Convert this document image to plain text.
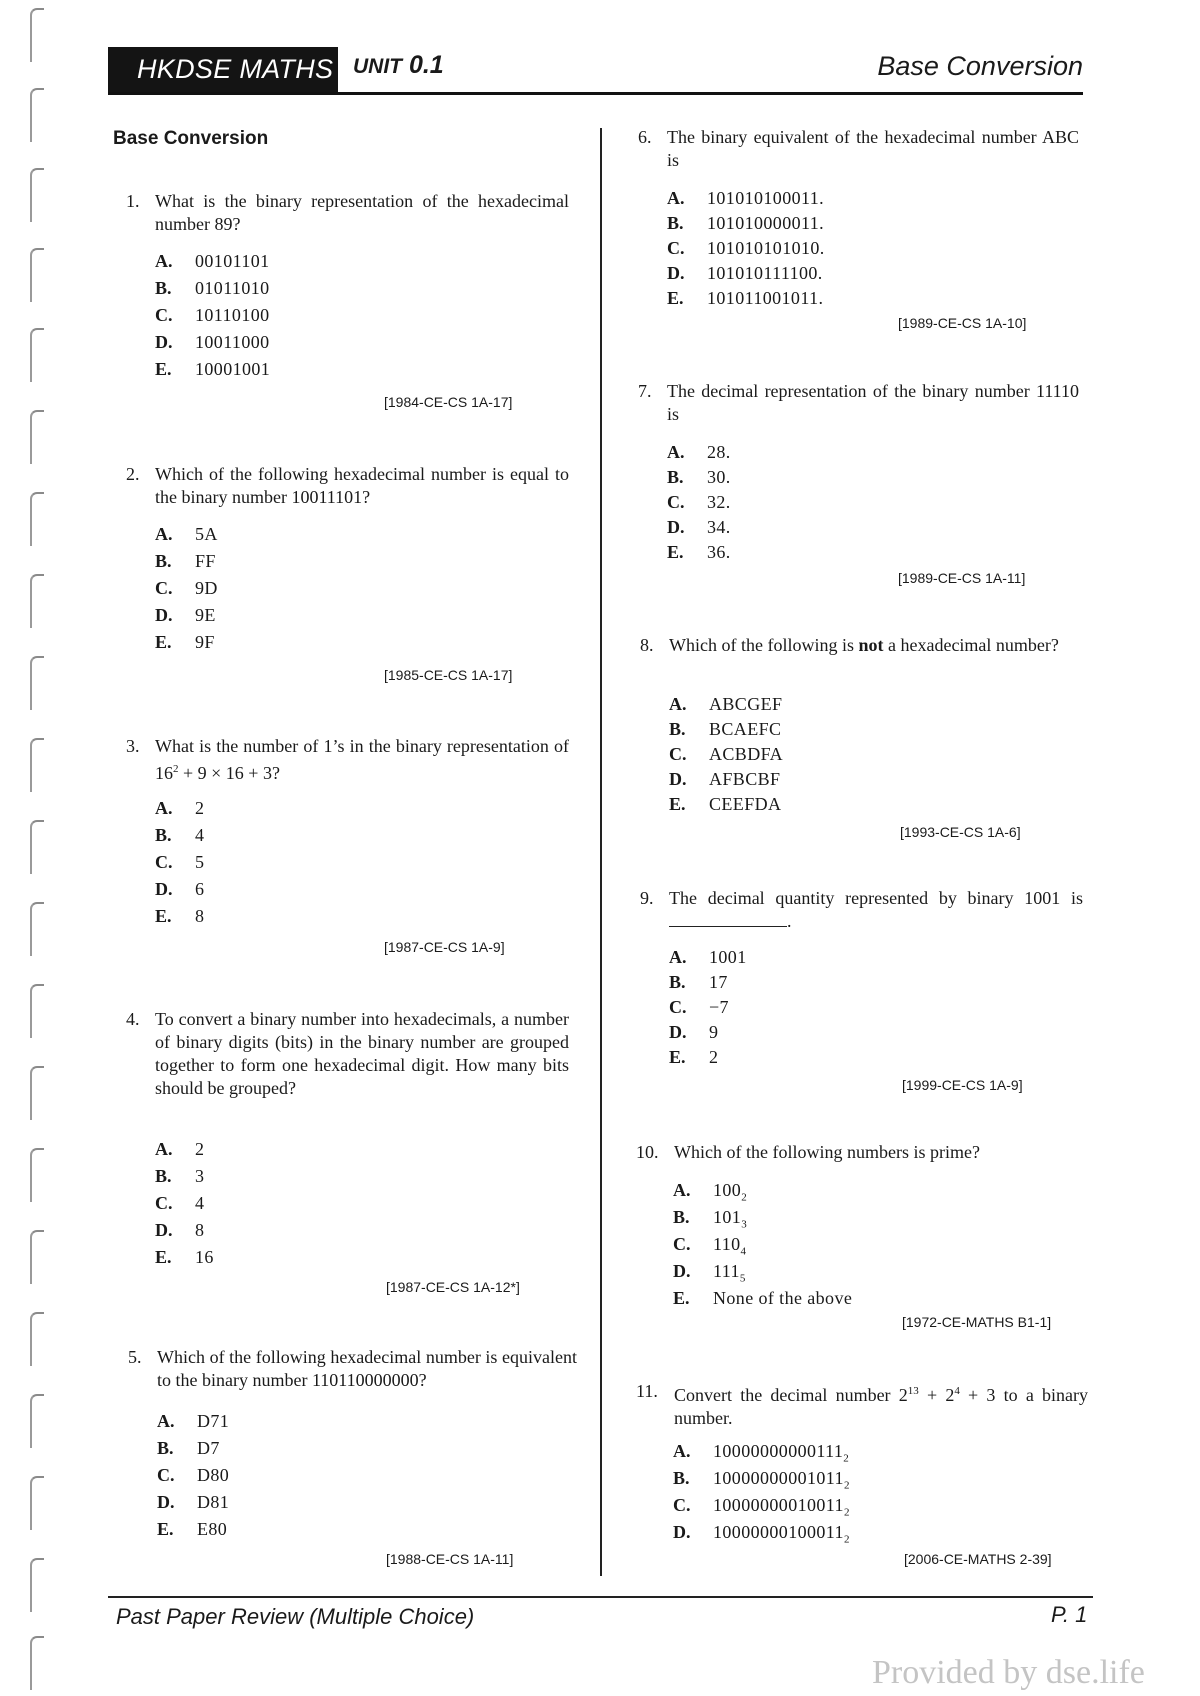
HKDSE MATHS UNIT 0.1	Base Conversion
Base Conversion
1. What is the binary representation of the hexadecimal number 89?
A. 00101101
B. 01011010
C. 10110100
D. 10011000
E. 10001001
[1984-CE-CS 1A-17]
2. Which of the following hexadecimal number is equal to the binary number 10011101?
A. 5A
B. FF
C. 9D
D. 9E
E. 9F
[1985-CE-CS 1A-17]
3. What is the number of 1’s in the binary representation of $16^2 + 9 \times 16 + 3$?
A. 2
B. 4
C. 5
D. 6
E. 8
[1987-CE-CS 1A-9]
4. To convert a binary number into hexadecimals, a number of binary digits (bits) in the binary number are grouped together to form one hexadecimal digit. How many bits should be grouped?
A. 2
B. 3
C. 4
D. 8
E. 16
[1987-CE-CS 1A-12*]
5. Which of the following hexadecimal number is equivalent to the binary number 110110000000?
A. D71
B. D7
C. D80
D. D81
E. E80
[1988-CE-CS 1A-11]
6. The binary equivalent of the hexadecimal number ABC is
A. 101010100011.
B. 101010000011.
C. 101010101010.
D. 101010111100.
E. 101011001011.
[1989-CE-CS 1A-10]
7. The decimal representation of the binary number 11110 is
A. 28.
B. 30.
C. 32.
D. 34.
E. 36.
[1989-CE-CS 1A-11]
8. Which of the following is not a hexadecimal number?
A. ABCGEF
B. BCAEFC
C. ACBDFA
D. AFBCBF
E. CEEFDA
[1993-CE-CS 1A-6]
9. The decimal quantity represented by binary 1001 is .
A. 1001
B. 17
C. −7
D. 9
E. 2
[1999-CE-CS 1A-9]
10. Which of the following numbers is prime?
A. $100_2$
B. $101_3$
C. $110_4$
D. $111_5$
E. None of the above
[1972-CE-MATHS B1-1]
11. Convert the decimal number $2^{13} + 2^4 + 3$ to a binary number.
A. $10000000000111_2$
B. $10000000001011_2$
C. $10000000010011_2$
D. $10000000100011_2$
[2006-CE-MATHS 2-39]
Past Paper Review (Multiple Choice)	P. 1
Provided by dse.life
